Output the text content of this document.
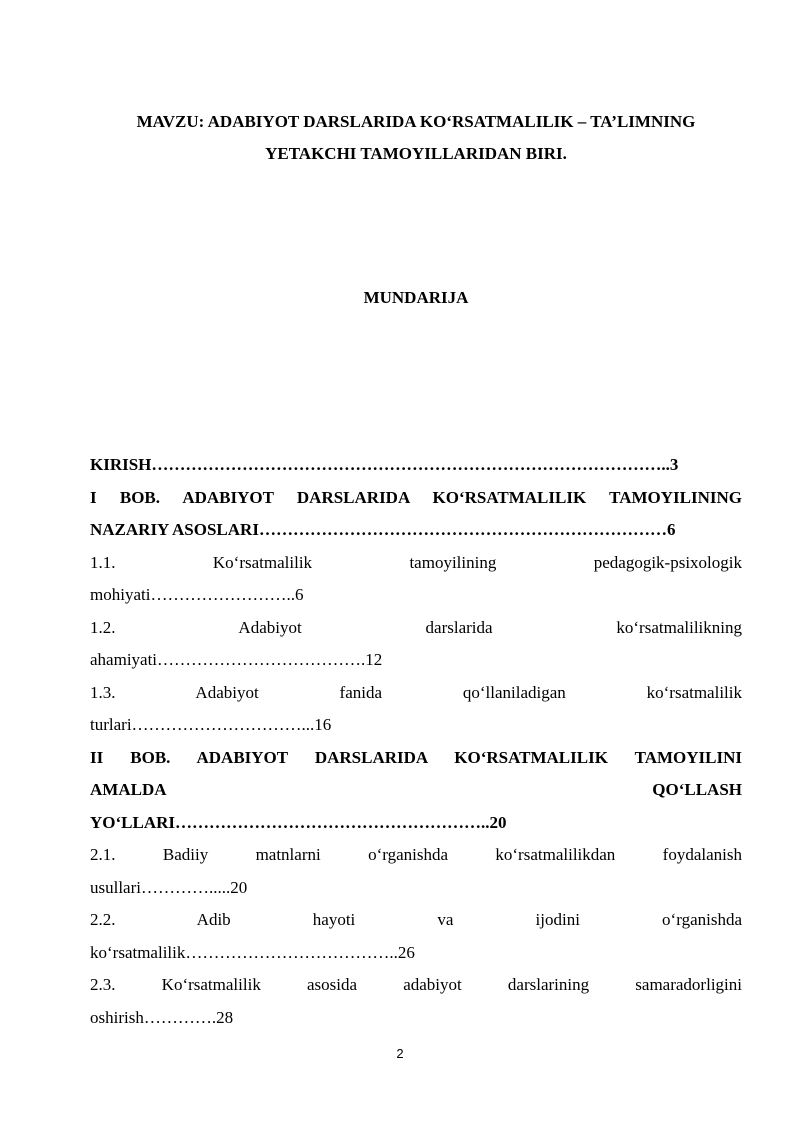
MAVZU: ADABIYOT DARSLARIDA KO‘RSATMALILIK – TA’LIMNING
YETAKCHI TAMOYILLARIDAN BIRI.
MUNDARIJA

KIRISH………………………………………………………………………………..3

I BOB. ADABIYOT DARSLARIDA KO‘RSATMALILIK TAMOYILINING

NAZARIY ASOSLARI………………………………………………………………6

1.1. Ko‘rsatmalilik tamoyilining pedagogik-psixologik

mohiyati……………………..6

1.2. Adabiyot darslarida ko‘rsatmalilikning

ahamiyati……………………………….12

1.3. Adabiyot fanida qo‘llaniladigan ko‘rsatmalilik

turlari…………………………...16

II BOB. ADABIYOT DARSLARIDA KO‘RSATMALILIK TAMOYILINI

AMALDA QO‘LLASH

YO‘LLARI………………………………………………..20

2.1. Badiiy matnlarni o‘rganishda ko‘rsatmalilikdan foydalanish

usullari………….....20

2.2. Adib hayoti va ijodini o‘rganishda

ko‘rsatmalilik………………………………..26

2.3. Ko‘rsatmalilik asosida adabiyot darslarining samaradorligini

oshirish………….28

2
